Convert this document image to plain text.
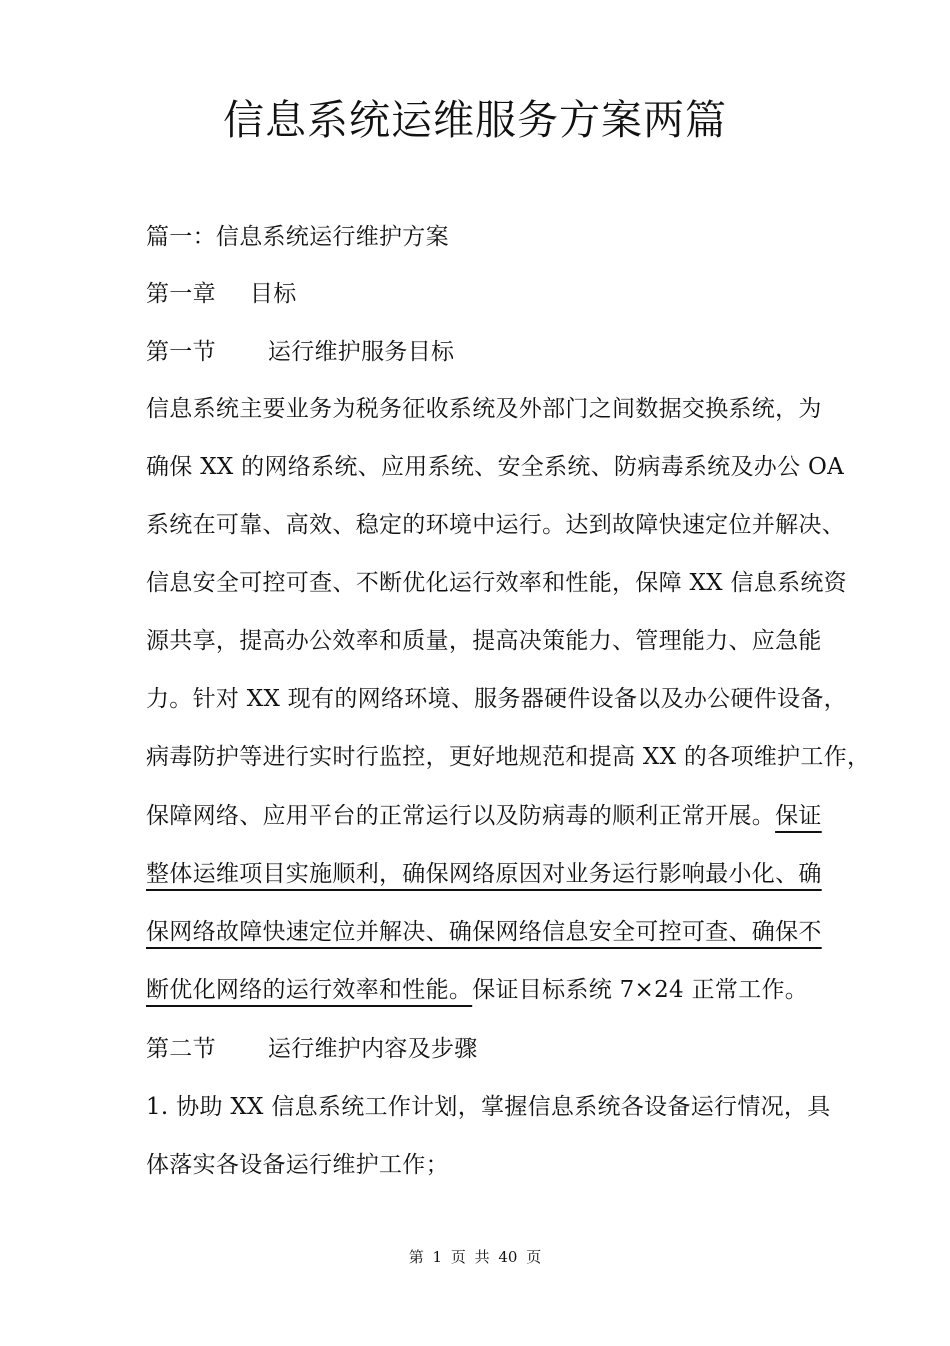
信息系统运维服务方案两篇
篇一：信息系统运行维护方案
第一章 目标
第一节 运行维护服务目标
信息系统主要业务为税务征收系统及外部门之间数据交换系统，为
确保 XX 的网络系统、应用系统、安全系统、防病毒系统及办公 OA
系统在可靠、高效、稳定的环境中运行。达到故障快速定位并解决、
信息安全可控可查、不断优化运行效率和性能，保障 XX 信息系统资
源共享，提高办公效率和质量，提高决策能力、管理能力、应急能
力。针对 XX 现有的网络环境、服务器硬件设备以及办公硬件设备，
病毒防护等进行实时行监控，更好地规范和提高 XX 的各项维护工作，
保障网络、应用平台的正常运行以及防病毒的顺利正常开展。保证
整体运维项目实施顺利，确保网络原因对业务运行影响最小化、确
保网络故障快速定位并解决、确保网络信息安全可控可查、确保不
断优化网络的运行效率和性能。保证目标系统 7×24 正常工作。
第二节 运行维护内容及步骤
1. 协助 XX 信息系统工作计划，掌握信息系统各设备运行情况，具
体落实各设备运行维护工作；
第 1 页 共 40 页
